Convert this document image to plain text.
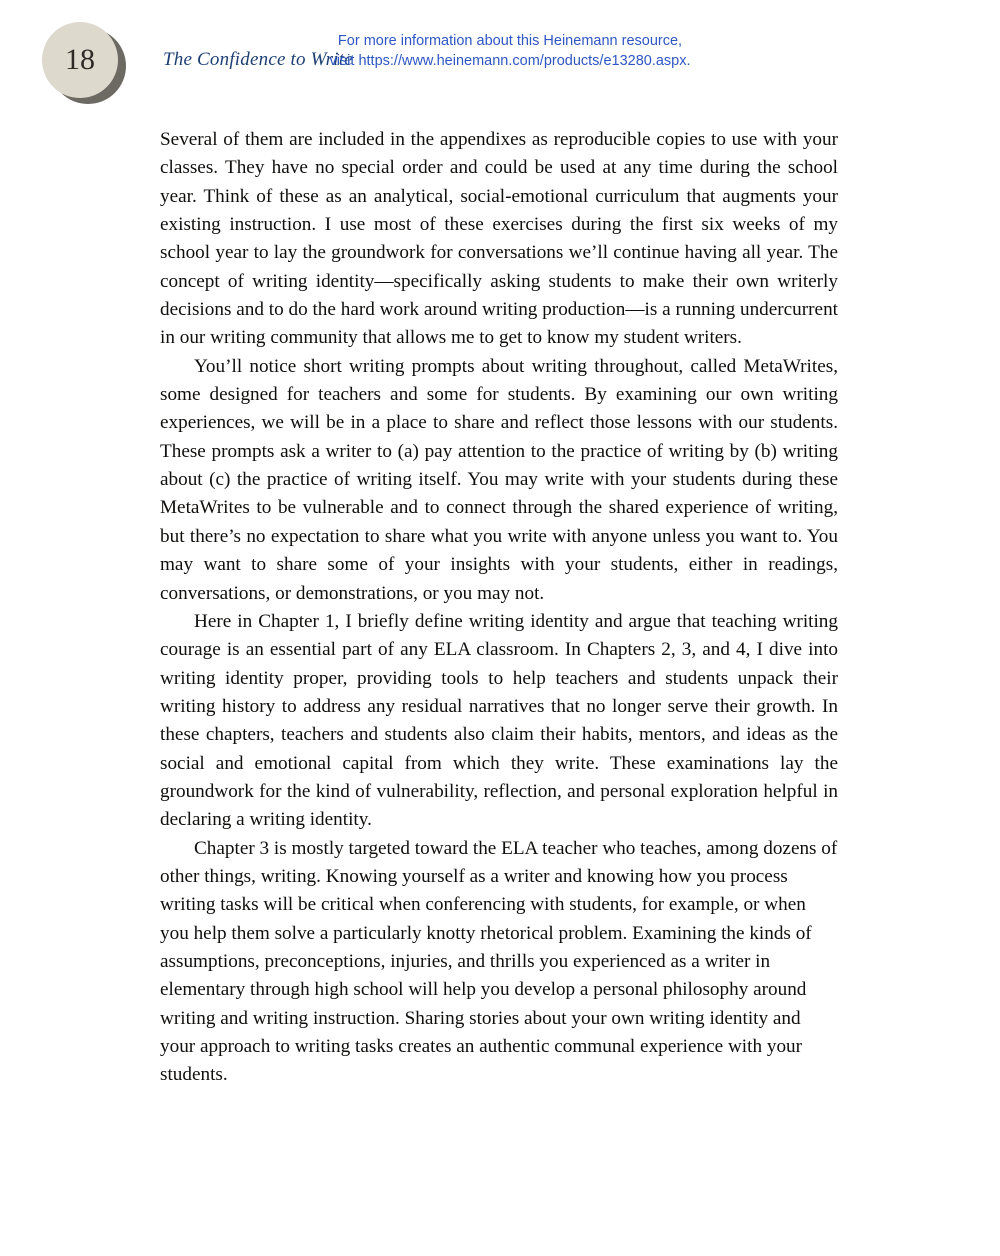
18	The Confidence to Write
For more information about this Heinemann resource,
visit https://www.heinemann.com/products/e13280.aspx.

Several of them are included in the appendixes as reproducible copies to use with your classes. They have no special order and could be used at any time during the school year. Think of these as an analytical, social-emotional curriculum that augments your existing instruction. I use most of these exercises during the first six weeks of my school year to lay the groundwork for conversations we’ll continue having all year. The concept of writing identity—specifically asking students to make their own writerly decisions and to do the hard work around writing production—is a running undercurrent in our writing community that allows me to get to know my student writers.

You’ll notice short writing prompts about writing throughout, called MetaWrites, some designed for teachers and some for students. By examining our own writing experiences, we will be in a place to share and reflect those lessons with our students. These prompts ask a writer to (a) pay attention to the practice of writing by (b) writing about (c) the practice of writing itself. You may write with your students during these MetaWrites to be vulnerable and to connect through the shared experience of writing, but there’s no expectation to share what you write with anyone unless you want to. You may want to share some of your insights with your students, either in readings, conversations, or demonstrations, or you may not.

Here in Chapter 1, I briefly define writing identity and argue that teaching writing courage is an essential part of any ELA classroom. In Chapters 2, 3, and 4, I dive into writing identity proper, providing tools to help teachers and students unpack their writing history to address any residual narratives that no longer serve their growth. In these chapters, teachers and students also claim their habits, mentors, and ideas as the social and emotional capital from which they write. These examinations lay the groundwork for the kind of vulnerability, reflection, and personal exploration helpful in declaring a writing identity.

Chapter 3 is mostly targeted toward the ELA teacher who teaches, among dozens of other things, writing. Knowing yourself as a writer and knowing how you process writing tasks will be critical when conferencing with students, for example, or when you help them solve a particularly knotty rhetorical problem. Examining the kinds of assumptions, preconceptions, injuries, and thrills you experienced as a writer in elementary through high school will help you develop a personal philosophy around writing and writing instruction. Sharing stories about your own writing identity and your approach to writing tasks creates an authentic communal experience with your students.
